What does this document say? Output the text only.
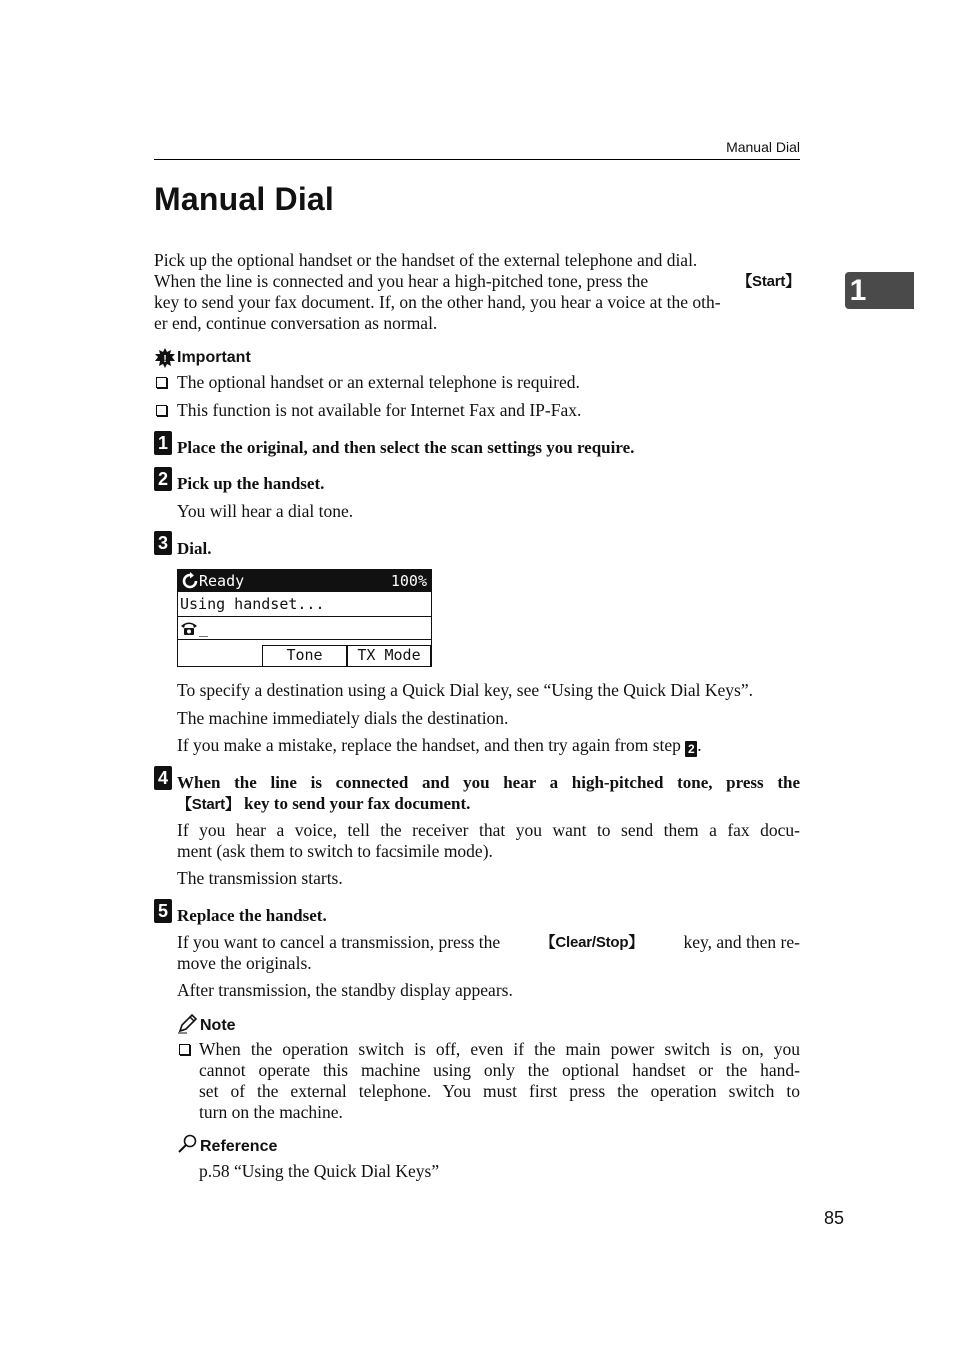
Manual Dial
Manual Dial
1
Pick up the optional handset or the handset of the external telephone and dial.
When the line is connected and you hear a high-pitched tone, press the	【Start】
key to send your fax document. If, on the other hand, you hear a voice at the oth-
er end, continue conversation as normal.
! Important
The optional handset or an external telephone is required.
This function is not available for Internet Fax and IP-Fax.
1 Place the original, and then select the scan settings you require.
2 Pick up the handset.
You will hear a dial tone.
3 Dial.
Ready	100%
Using handset...
_
Tone	TX Mode
To specify a destination using a Quick Dial key, see “Using the Quick Dial Keys”.
The machine immediately dials the destination.
If you make a mistake, replace the handset, and then try again from step 2 .
4 When the line is connected and you hear a high-pitched tone, press the
【Start】 key to send your fax document.
If you hear a voice, tell the receiver that you want to send them a fax docu-
ment (ask them to switch to facsimile mode).
The transmission starts.
5 Replace the handset.
If you want to cancel a transmission, press the	【Clear/Stop】 key, and then re-
move the originals.
After transmission, the standby display appears.
Note
When the operation switch is off, even if the main power switch is on, you
cannot operate this machine using only the optional handset or the hand-
set of the external telephone. You must first press the operation switch to
turn on the machine.
Reference
p.58 “Using the Quick Dial Keys”
85
